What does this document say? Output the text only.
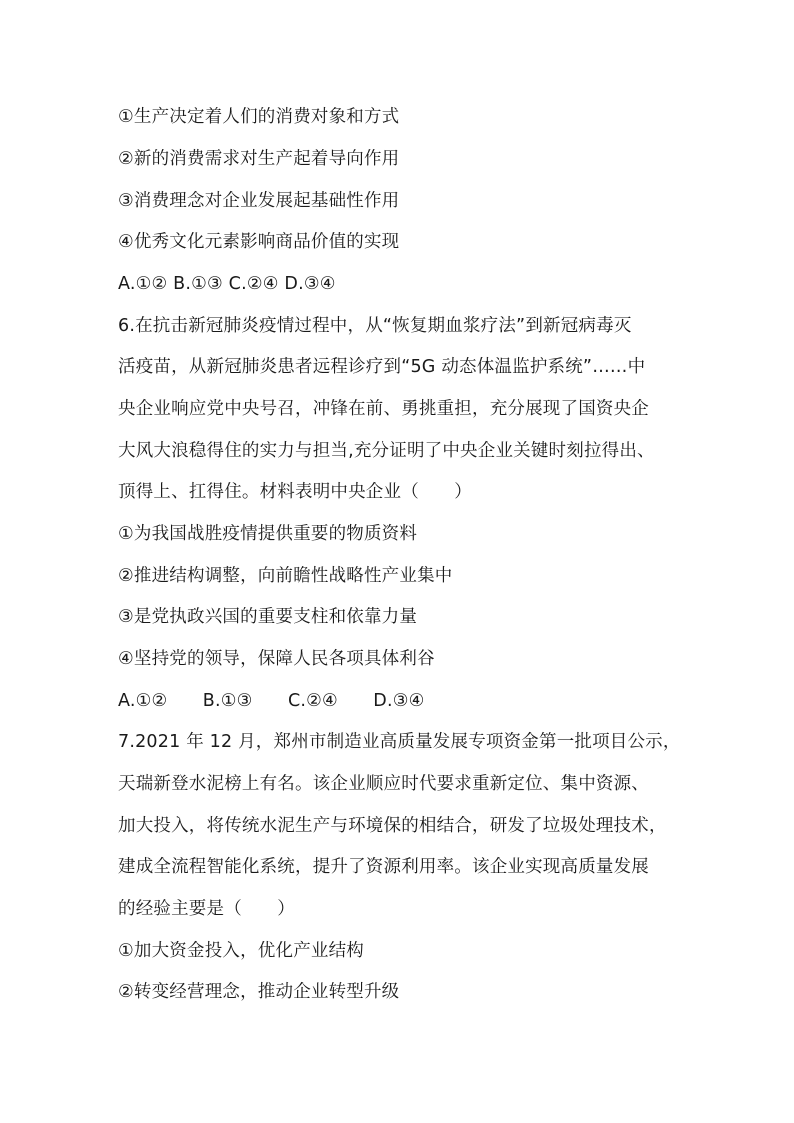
①生产决定着人们的消费对象和方式
②新的消费需求对生产起着导向作用
③消费理念对企业发展起基础性作用
④优秀文化元素影响商品价值的实现
A.①② B.①③ C.②④ D.③④
6.在抗击新冠肺炎疫情过程中，从“恢复期血浆疗法”到新冠病毒灭
活疫苗，从新冠肺炎患者远程诊疗到“5G 动态体温监护系统”……中
央企业响应党中央号召，冲锋在前、勇挑重担，充分展现了国资央企
大风大浪稳得住的实力与担当,充分证明了中央企业关键时刻拉得出、
顶得上、扛得住。材料表明中央企业（　　）
①为我国战胜疫情提供重要的物质资料
②推进结构调整，向前瞻性战略性产业集中
③是党执政兴国的重要支柱和依靠力量
④坚持党的领导，保障人民各项具体利谷
A.①②　　B.①③　　C.②④　　D.③④
7.2021 年 12 月，郑州市制造业高质量发展专项资金第一批项目公示，
天瑞新登水泥榜上有名。该企业顺应时代要求重新定位、集中资源、
加大投入，将传统水泥生产与环境保的相结合，研发了垃圾处理技术，
建成全流程智能化系统，提升了资源利用率。该企业实现高质量发展
的经验主要是（　　）
①加大资金投入，优化产业结构
②转变经营理念，推动企业转型升级
